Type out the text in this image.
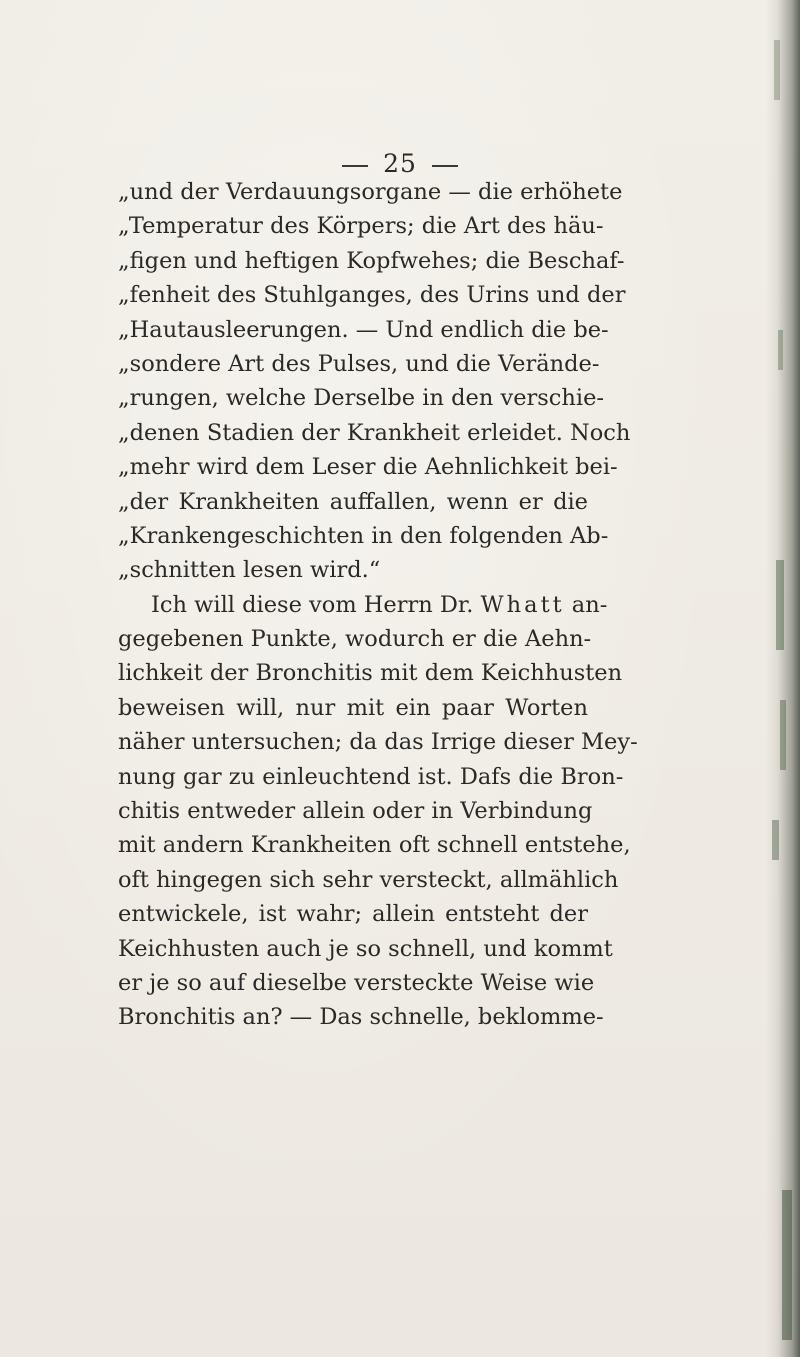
25
„und der Verdauungsorgane — die erhöhete
„Temperatur des Körpers; die Art des häu-
„figen und heftigen Kopfwehes; die Beschaf-
„fenheit des Stuhlganges, des Urins und der
„Hautausleerungen. — Und endlich die be-
„sondere Art des Pulses, und die Verände-
„rungen, welche Derselbe in den verschie-
„denen Stadien der Krankheit erleidet. Noch
„mehr wird dem Leser die Aehnlichkeit bei-
„der Krankheiten auffallen, wenn er die
„Krankengeschichten in den folgenden Ab-
„schnitten lesen wird.“
Ich will diese vom Herrn Dr. Whatt an-
gegebenen Punkte, wodurch er die Aehn-
lichkeit der Bronchitis mit dem Keichhusten
beweisen will, nur mit ein paar Worten
näher untersuchen; da das Irrige dieser Mey-
nung gar zu einleuchtend ist. Dafs die Bron-
chitis entweder allein oder in Verbindung
mit andern Krankheiten oft schnell entstehe,
oft hingegen sich sehr versteckt, allmählich
entwickele, ist wahr; allein entsteht der
Keichhusten auch je so schnell, und kommt
er je so auf dieselbe versteckte Weise wie
Bronchitis an? — Das schnelle, beklomme-
